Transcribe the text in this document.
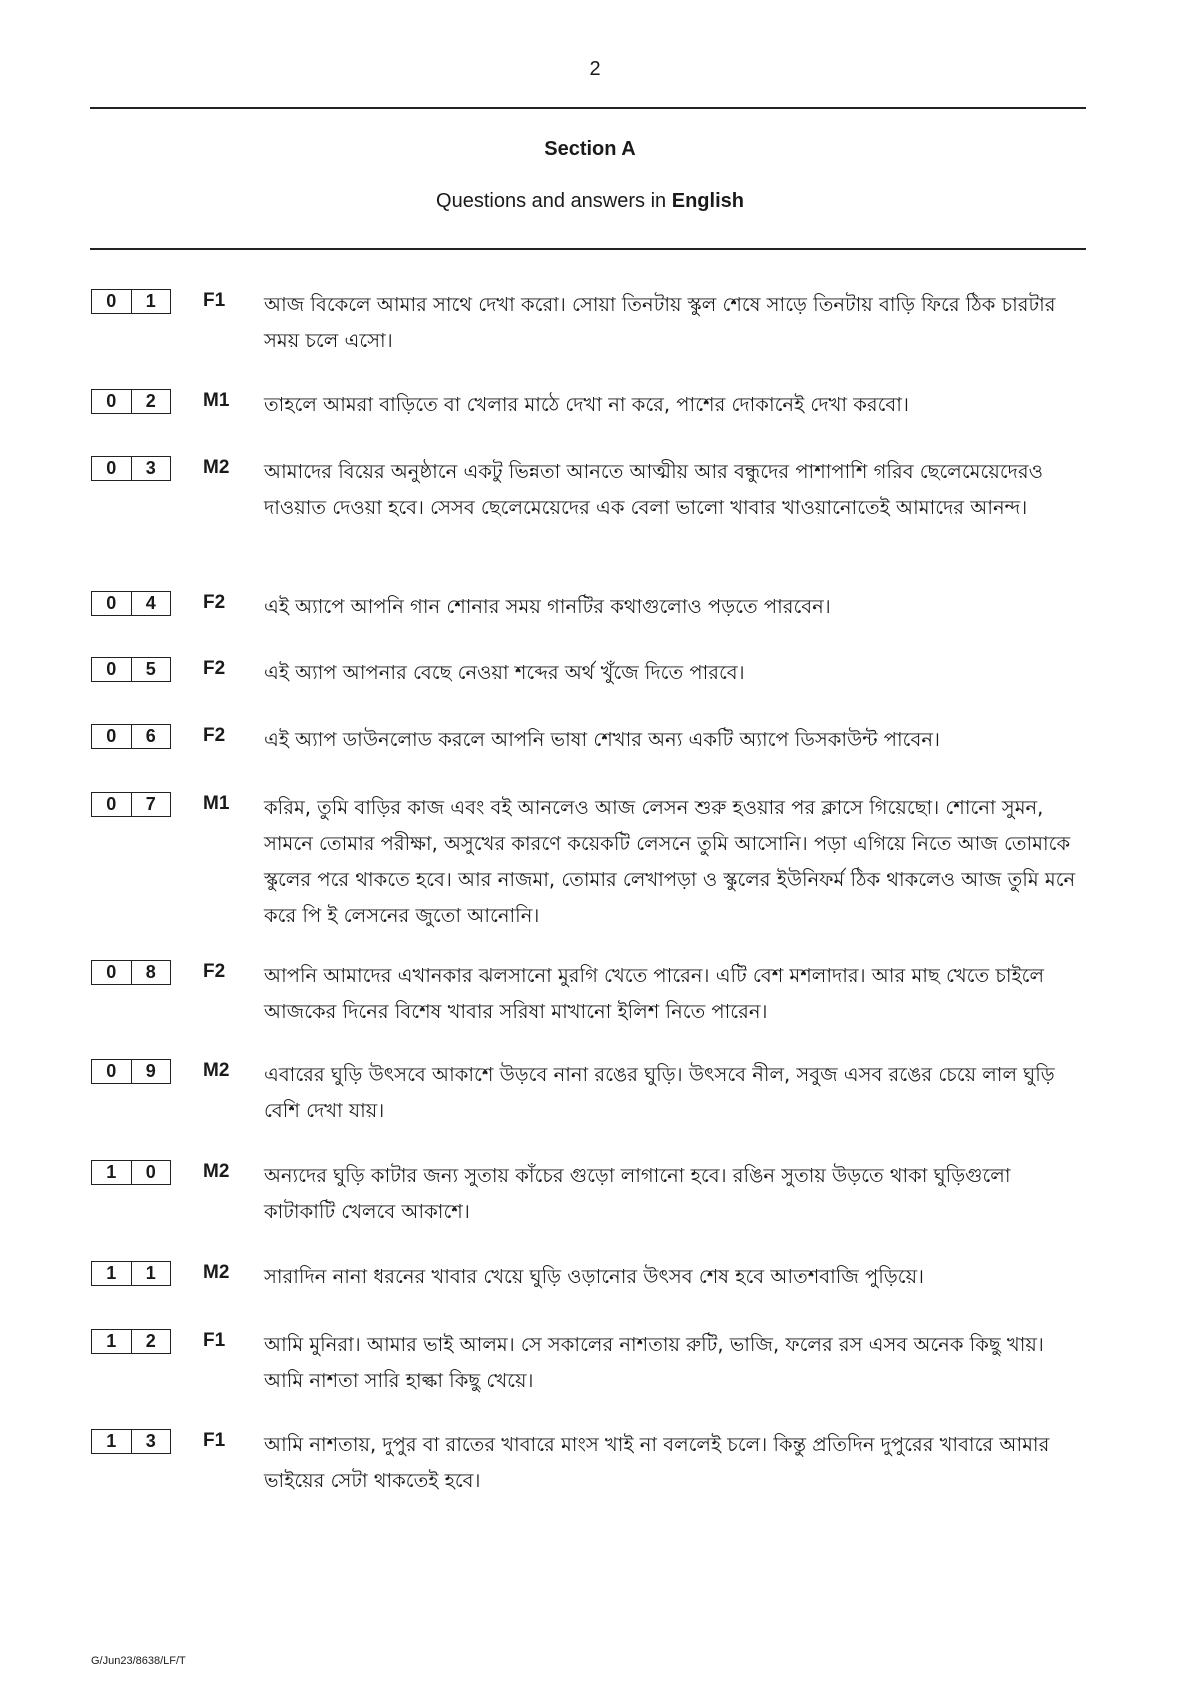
2
Section A
Questions and answers in English
0	1	F1 আজ বিকেলে আমার সাথে দেখা করো। সোয়া তিনটায় স্কুল শেষে সাড়ে তিনটায় বাড়ি ফিরে ঠিক চারটার সময় চলে এসো।
0	2	M1 তাহলে আমরা বাড়িতে বা খেলার মাঠে দেখা না করে, পাশের দোকানেই দেখা করবো।
0	3	M2 আমাদের বিয়ের অনুষ্ঠানে একটু ভিন্নতা আনতে আত্মীয় আর বন্ধুদের পাশাপাশি গরিব ছেলেমেয়েদেরও দাওয়াত দেওয়া হবে। সেসব ছেলেমেয়েদের এক বেলা ভালো খাবার খাওয়ানোতেই আমাদের আনন্দ।
0	4	F2 এই অ্যাপে আপনি গান শোনার সময় গানটির কথাগুলোও পড়তে পারবেন।
0	5	F2 এই অ্যাপ আপনার বেছে নেওয়া শব্দের অর্থ খুঁজে দিতে পারবে।
0	6	F2 এই অ্যাপ ডাউনলোড করলে আপনি ভাষা শেখার অন্য একটি অ্যাপে ডিসকাউন্ট পাবেন।
0	7	M1 করিম, তুমি বাড়ির কাজ এবং বই আনলেও আজ লেসন শুরু হওয়ার পর ক্লাসে গিয়েছো। শোনো সুমন, সামনে তোমার পরীক্ষা, অসুখের কারণে কয়েকটি লেসনে তুমি আসোনি। পড়া এগিয়ে নিতে আজ তোমাকে স্কুলের পরে থাকতে হবে। আর নাজমা, তোমার লেখাপড়া ও স্কুলের ইউনিফর্ম ঠিক থাকলেও আজ তুমি মনে করে পি ই লেসনের জুতো আনোনি।
0	8	F2 আপনি আমাদের এখানকার ঝলসানো মুরগি খেতে পারেন। এটি বেশ মশলাদার। আর মাছ খেতে চাইলে আজকের দিনের বিশেষ খাবার সরিষা মাখানো ইলিশ নিতে পারেন।
0	9	M2 এবারের ঘুড়ি উৎসবে আকাশে উড়বে নানা রঙের ঘুড়ি। উৎসবে নীল, সবুজ এসব রঙের চেয়ে লাল ঘুড়ি বেশি দেখা যায়।
1	0	M2 অন্যদের ঘুড়ি কাটার জন্য সুতায় কাঁচের গুড়ো লাগানো হবে। রঙিন সুতায় উড়তে থাকা ঘুড়িগুলো কাটাকাটি খেলবে আকাশে।
1	1	M2 সারাদিন নানা ধরনের খাবার খেয়ে ঘুড়ি ওড়ানোর উৎসব শেষ হবে আতশবাজি পুড়িয়ে।
1	2	F1 আমি মুনিরা। আমার ভাই আলম। সে সকালের নাশতায় রুটি, ভাজি, ফলের রস এসব অনেক কিছু খায়। আমি নাশতা সারি হাল্কা কিছু খেয়ে।
1	3	F1 আমি নাশতায়, দুপুর বা রাতের খাবারে মাংস খাই না বললেই চলে। কিন্তু প্রতিদিন দুপুরের খাবারে আমার ভাইয়ের সেটা থাকতেই হবে।
G/Jun23/8638/LF/T
